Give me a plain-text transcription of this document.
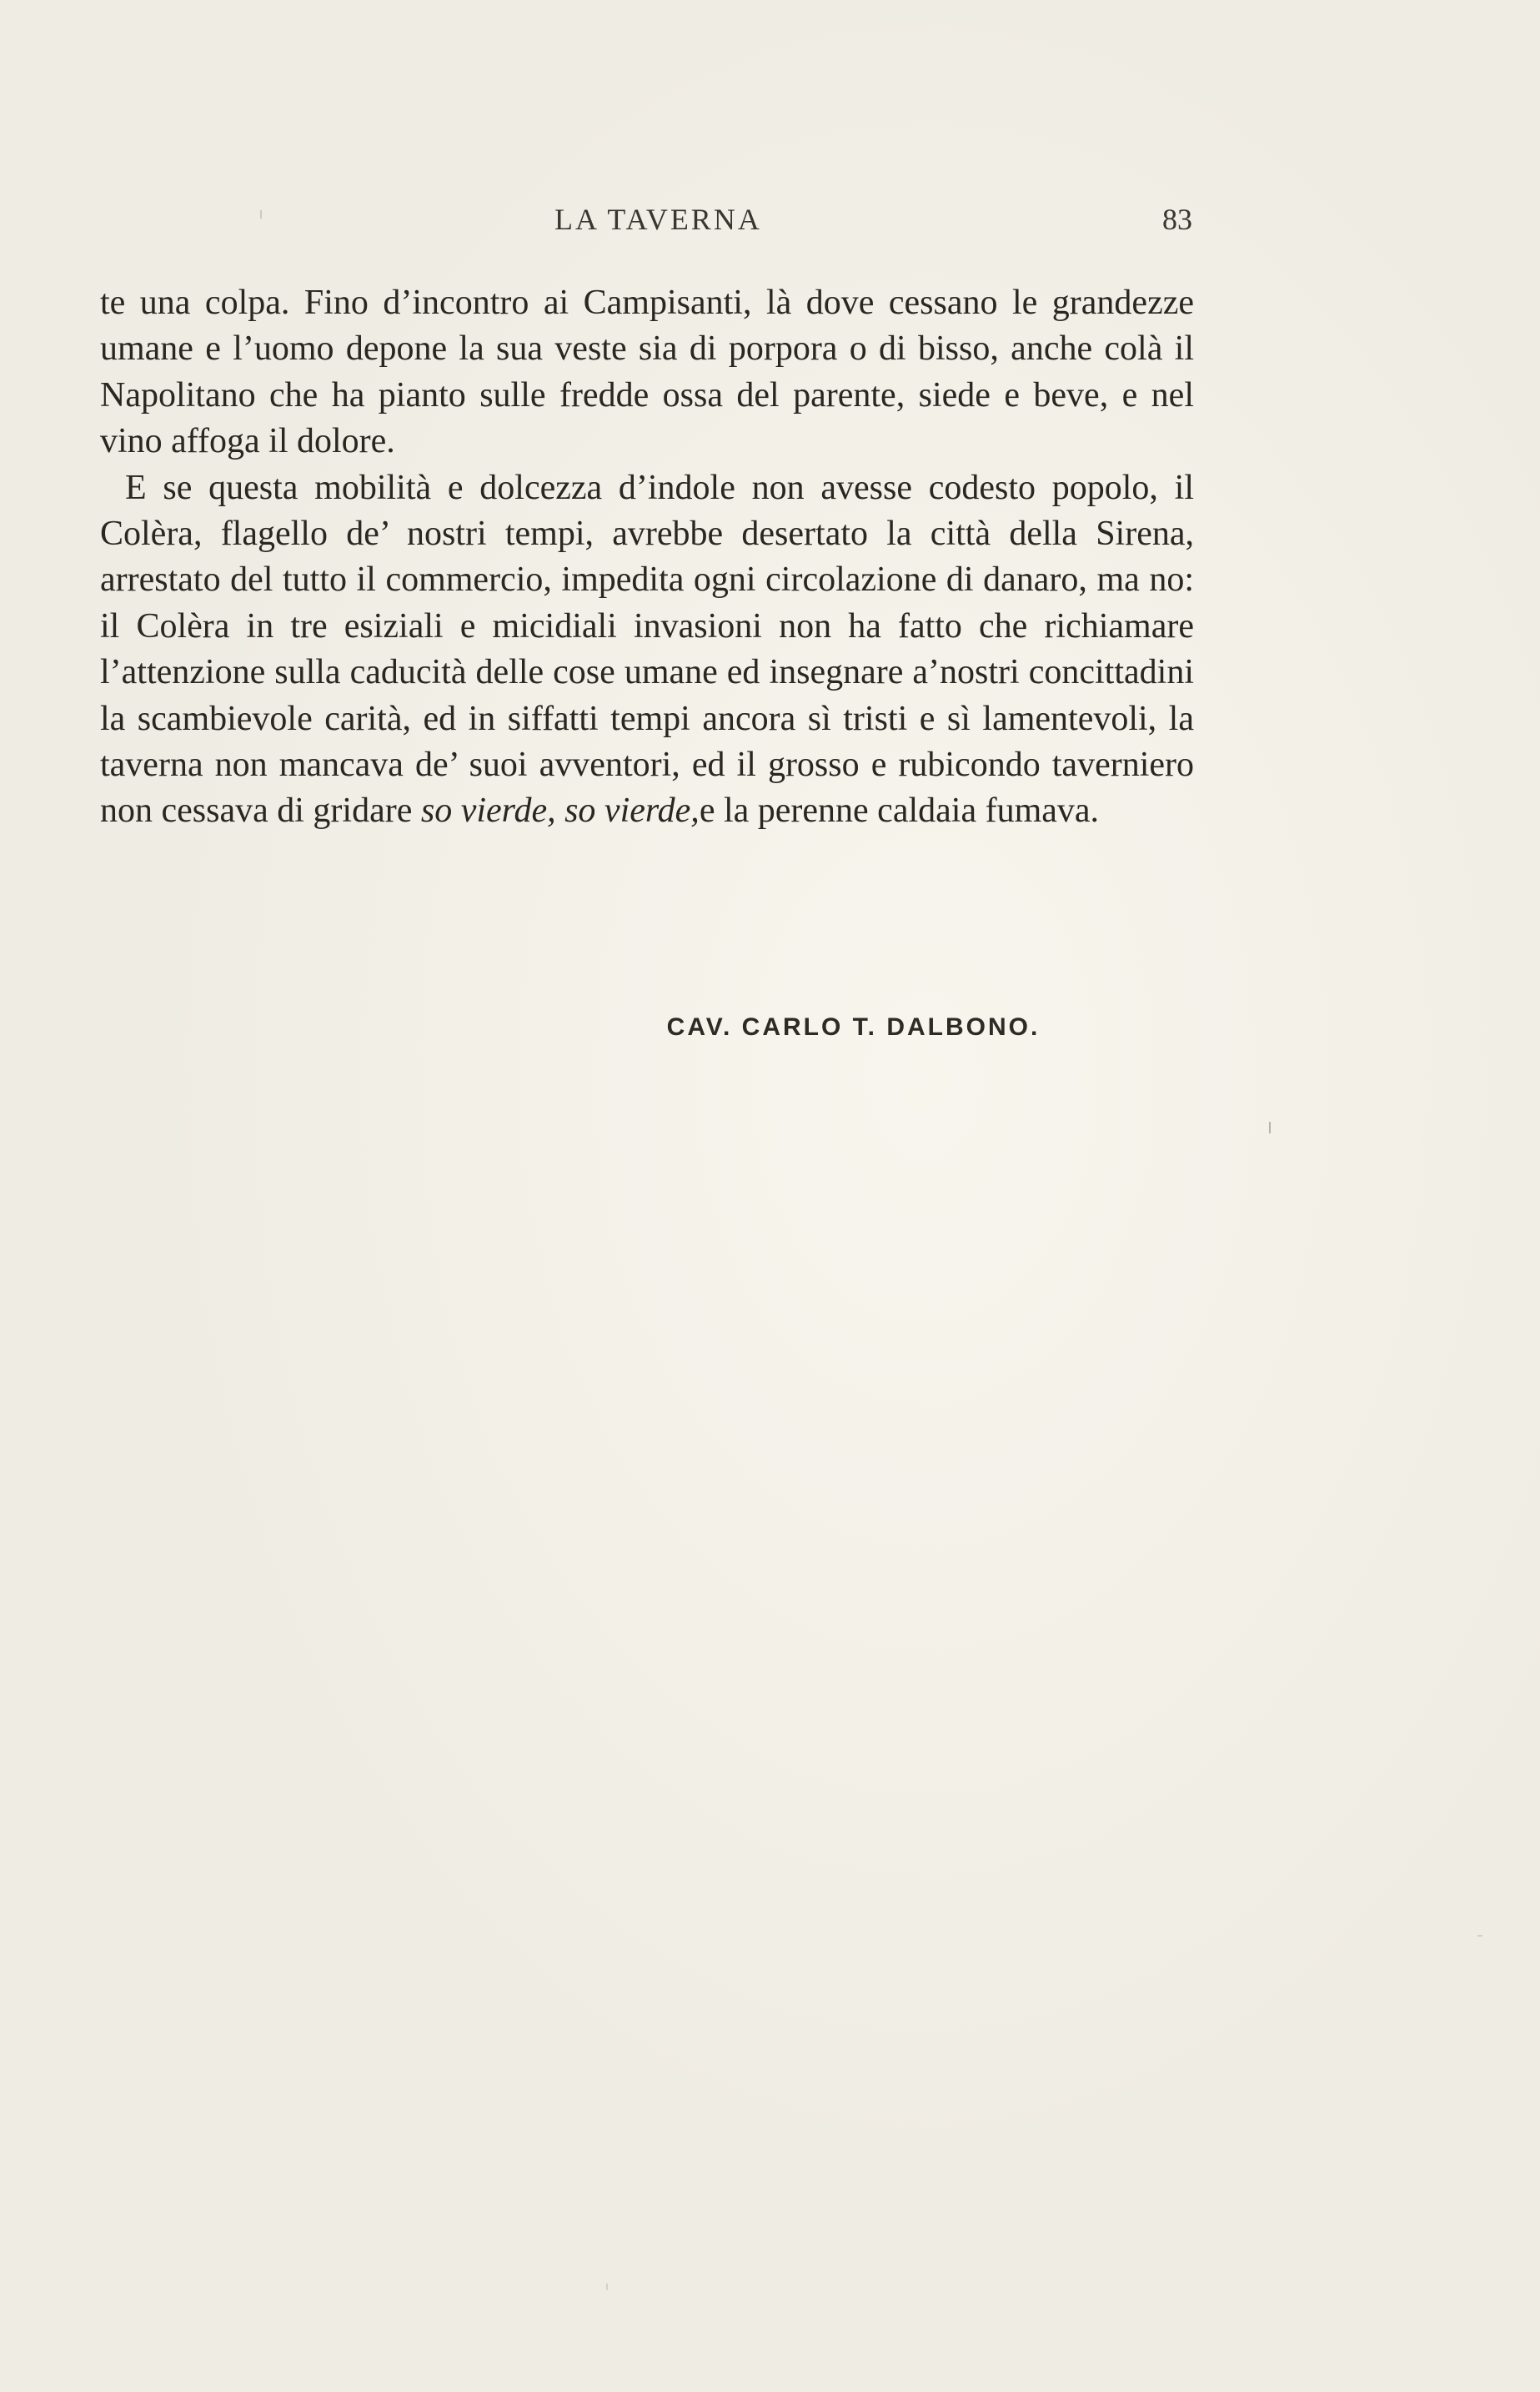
LA TAVERNA	83

te una colpa. Fino d’incontro ai Campisanti, là dove cessano le grandezze umane e l’uomo depone la sua veste sia di porpora o di bisso, anche colà il Napolitano che ha pianto sulle fredde ossa del parente, siede e beve, e nel vino affoga il dolore.

E se questa mobilità e dolcezza d’indole non avesse codesto popolo, il Colèra, flagello de’ nostri tempi, avrebbe desertato la città della Sirena, arrestato del tutto il commercio, impedita ogni circolazione di danaro, ma no: il Colèra in tre esiziali e micidiali invasioni non ha fatto che richiamare l’attenzione sulla caducità delle cose umane ed insegnare a’nostri concittadini la scambievole carità, ed in siffatti tempi ancora sì tristi e sì lamentevoli, la taverna non mancava de’ suoi avventori, ed il grosso e rubicondo taverniero non cessava di gridare so vierde, so vierde,e la perenne caldaia fumava.

CAV. CARLO T. DALBONO.
